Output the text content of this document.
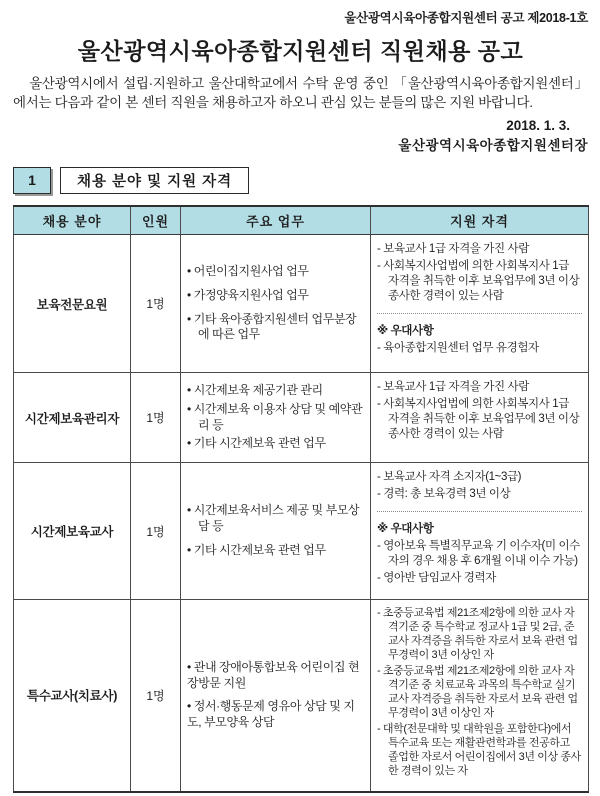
울산광역시육아종합지원센터 공고 제2018-1호
울산광역시육아종합지원센터 직원채용 공고

울산광역시에서 설립·지원하고 울산대학교에서 수탁 운영 중인 「울산광역시육아종합지원센터」에서는 다음과 같이 본 센터 직원을 채용하고자 하오니 관심 있는 분들의 많은 지원 바랍니다.

2018. 1. 3.
울산광역시육아종합지원센터장
1	채용 분야 및 지원 자격
채용 분야	인원	주요 업무	지원 자격
보육전문요원	1명	
• 어린이집지원사업 업무
• 가정양육지원사업 업무
• 기타 육아종합지원센터 업무분장에 따른 업무

- 보육교사 1급 자격을 가진 사람
- 사회복지사업법에 의한 사회복지사 1급 자격을 취득한 이후 보육업무에 3년 이상 종사한 경력이 있는 사람
※ 우대사항
- 육아종합지원센터 업무 유경험자

시간제보육관리자	1명	
• 시간제보육 제공기관 관리
• 시간제보육 이용자 상담 및 예약관리 등
• 기타 시간제보육 관련 업무

- 보육교사 1급 자격을 가진 사람
- 사회복지사업법에 의한 사회복지사 1급 자격을 취득한 이후 보육업무에 3년 이상 종사한 경력이 있는 사람

시간제보육교사	1명	
• 시간제보육서비스 제공 및 부모상담 등
• 기타 시간제보육 관련 업무

- 보육교사 자격 소지자(1~3급)
- 경력: 총 보육경력 3년 이상
※ 우대사항
- 영아보육 특별직무교육 기 이수자(미 이수자의 경우 채용 후 6개월 이내 이수 가능)
- 영아반 담임교사 경력자

특수교사(치료사)	1명	
• 관내 장애아통합보육 어린이집 현장방문 지원
• 정서·행동문제 영유아 상담 및 지도, 부모양육 상담

- 초중등교육법 제21조제2항에 의한 교사 자격기준 중 특수학교 정교사 1급 및 2급, 준교사 자격증을 취득한 자로서 보육 관련 업무경력이 3년 이상인 자
- 초중등교육법 제21조제2항에 의한 교사 자격기준 중 치료교육 과목의 특수학교 실기교사 자격증을 취득한 자로서 보육 관련 업무경력이 3년 이상인 자
- 대학(전문대학 및 대학원을 포함한다)에서 특수교육 또는 재활관련학과를 전공하고 졸업한 자로서 어린이집에서 3년 이상 종사한 경력이 있는 자
